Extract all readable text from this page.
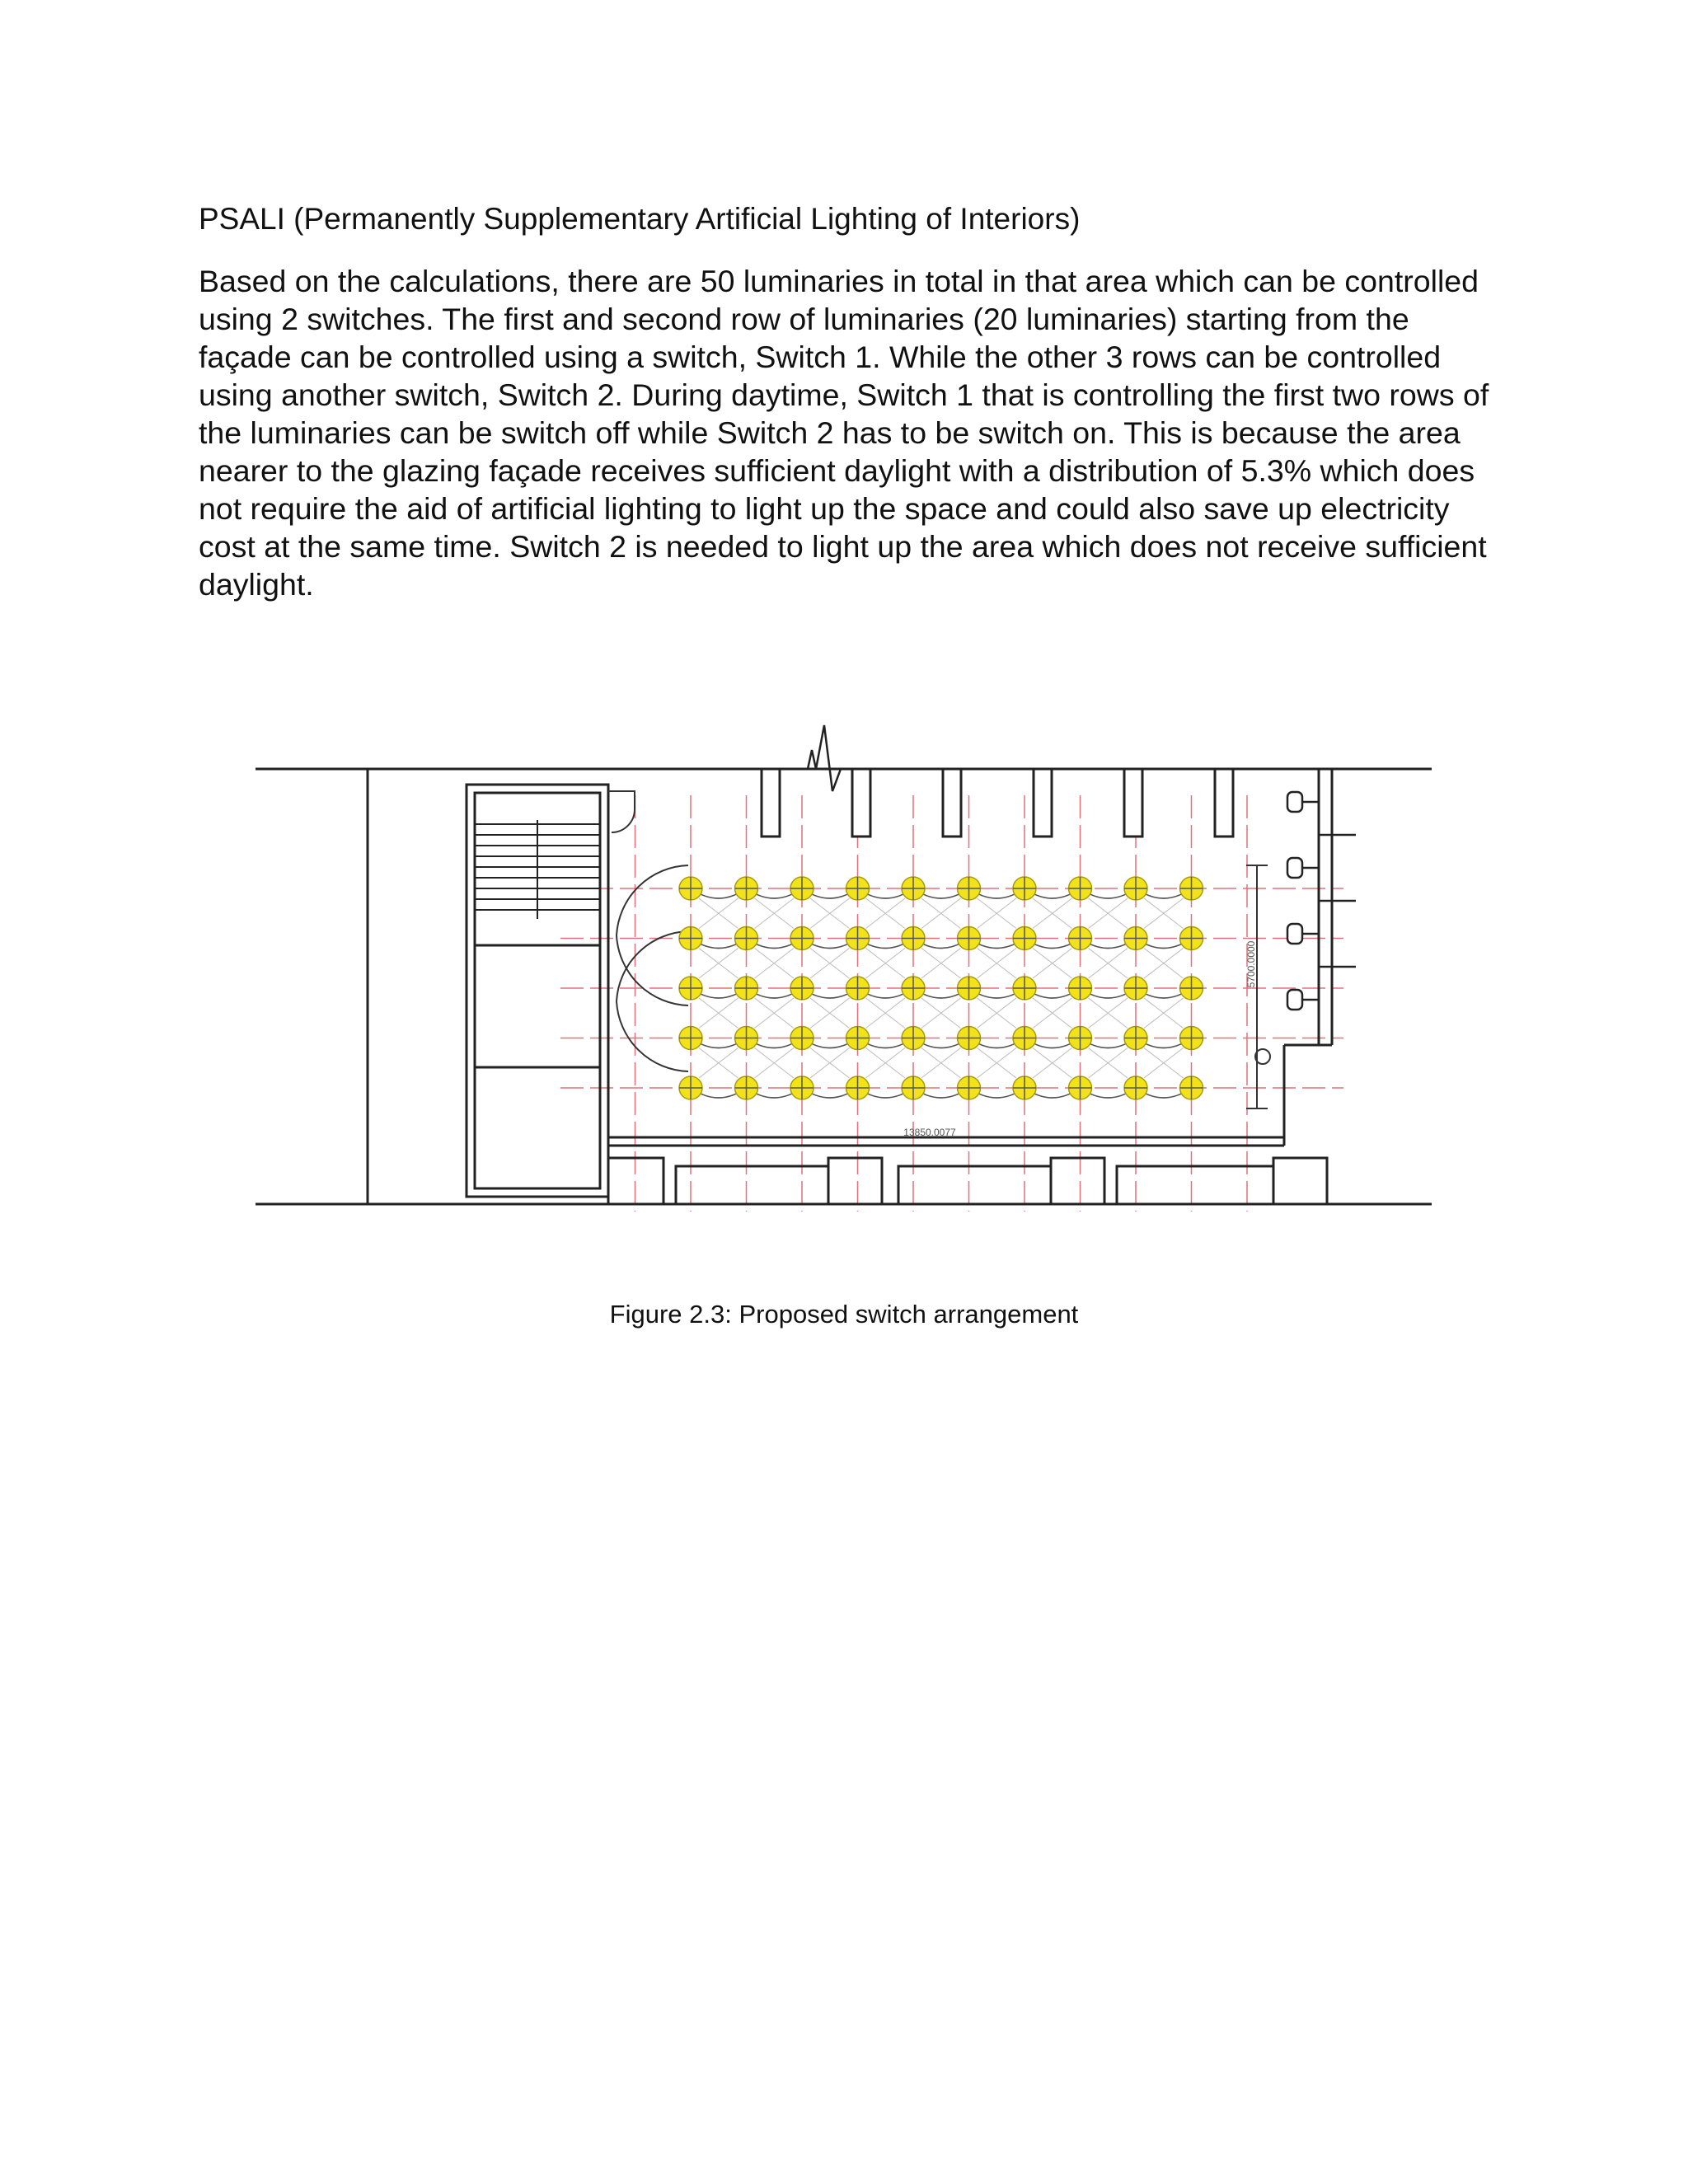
PSALI (Permanently Supplementary Artificial Lighting of Interiors)

Based on the calculations, there are 50 luminaries in total in that area which can be controlled using 2 switches. The first and second row of luminaries (20 luminaries) starting from the façade can be controlled using a switch, Switch 1. While the other 3 rows can be controlled using another switch, Switch 2. During daytime, Switch 1 that is controlling the first two rows of the luminaries can be switch off while Switch 2 has to be switch on. This is because the area nearer to the glazing façade receives sufficient daylight with a distribution of 5.3% which does not require the aid of artificial lighting to light up the space and could also save up electricity cost at the same time. Switch 2 is needed to light up the area which does not receive sufficient daylight.

5700.0000
13850.0077
Figure 2.3: Proposed switch arrangement
